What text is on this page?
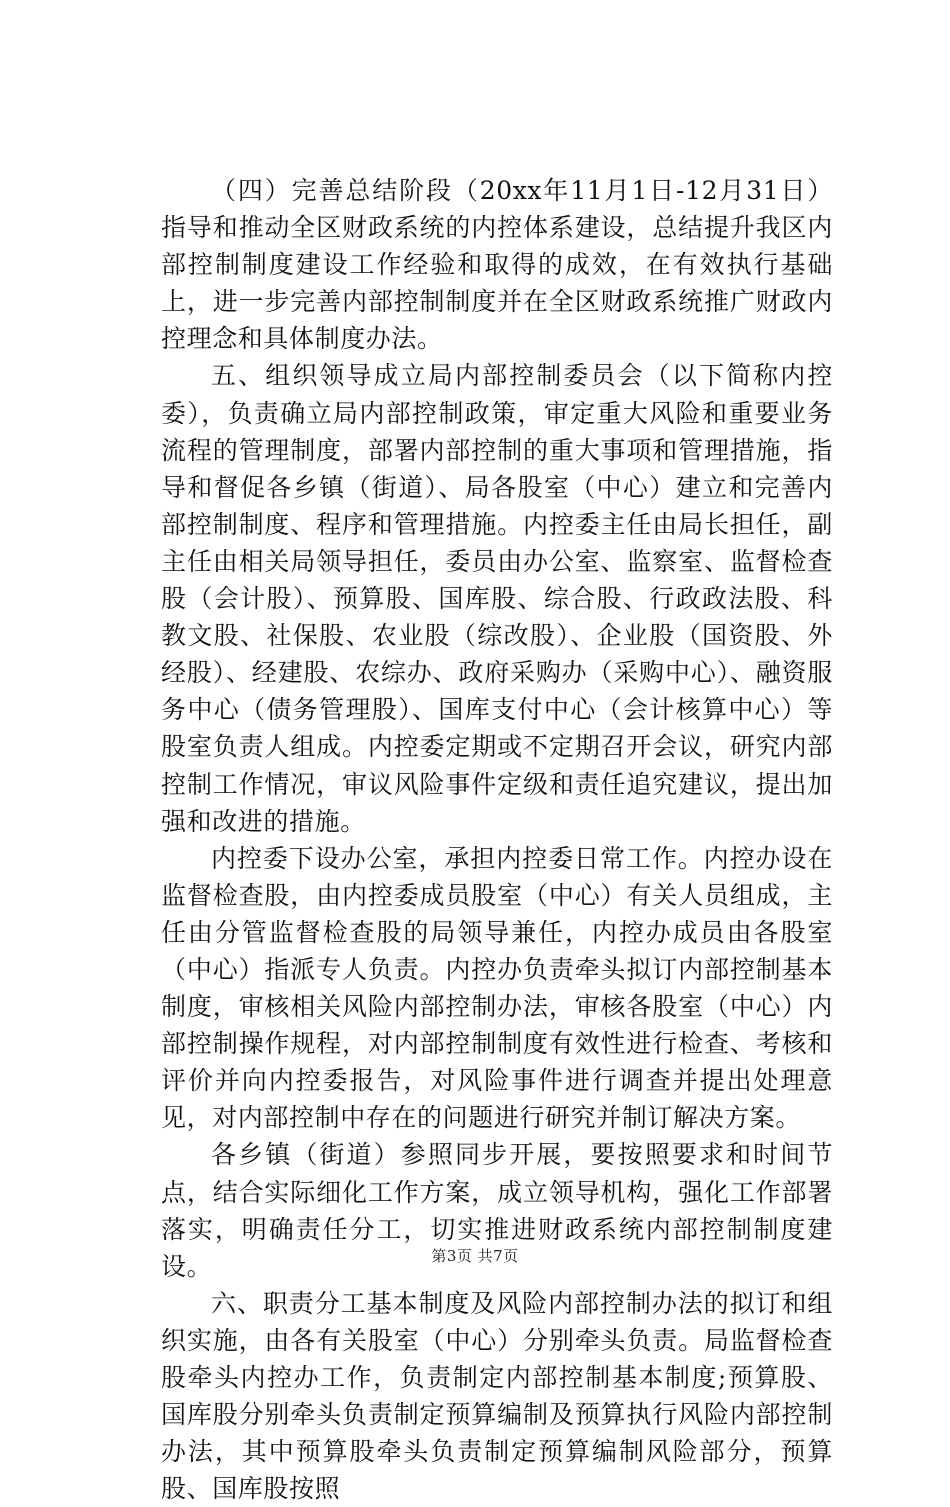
（四）完善总结阶段（20xx年11月1日-12月31日）指导和推动全区财政系统的内控体系建设，总结提升我区内部控制制度建设工作经验和取得的成效，在有效执行基础上，进一步完善内部控制制度并在全区财政系统推广财政内控理念和具体制度办法。

五、组织领导成立局内部控制委员会（以下简称内控委），负责确立局内部控制政策，审定重大风险和重要业务流程的管理制度，部署内部控制的重大事项和管理措施，指导和督促各乡镇（街道）、局各股室（中心）建立和完善内部控制制度、程序和管理措施。内控委主任由局长担任，副主任由相关局领导担任，委员由办公室、监察室、监督检查股（会计股）、预算股、国库股、综合股、行政政法股、科教文股、社保股、农业股（综改股）、企业股（国资股、外经股）、经建股、农综办、政府采购办（采购中心）、融资服务中心（债务管理股）、国库支付中心（会计核算中心）等股室负责人组成。内控委定期或不定期召开会议，研究内部控制工作情况，审议风险事件定级和责任追究建议，提出加强和改进的措施。

内控委下设办公室，承担内控委日常工作。内控办设在监督检查股，由内控委成员股室（中心）有关人员组成，主任由分管监督检查股的局领导兼任，内控办成员由各股室（中心）指派专人负责。内控办负责牵头拟订内部控制基本制度，审核相关风险内部控制办法，审核各股室（中心）内部控制操作规程，对内部控制制度有效性进行检查、考核和评价并向内控委报告，对风险事件进行调查并提出处理意见，对内部控制中存在的问题进行研究并制订解决方案。

各乡镇（街道）参照同步开展，要按照要求和时间节点，结合实际细化工作方案，成立领导机构，强化工作部署落实，明确责任分工，切实推进财政系统内部控制制度建设。

六、职责分工基本制度及风险内部控制办法的拟订和组织实施，由各有关股室（中心）分别牵头负责。局监督检查股牵头内控办工作，负责制定内部控制基本制度;预算股、国库股分别牵头负责制定预算编制及预算执行风险内部控制办法，其中预算股牵头负责制定预算编制风险部分，预算股、国库股按照

第3页 共7页
